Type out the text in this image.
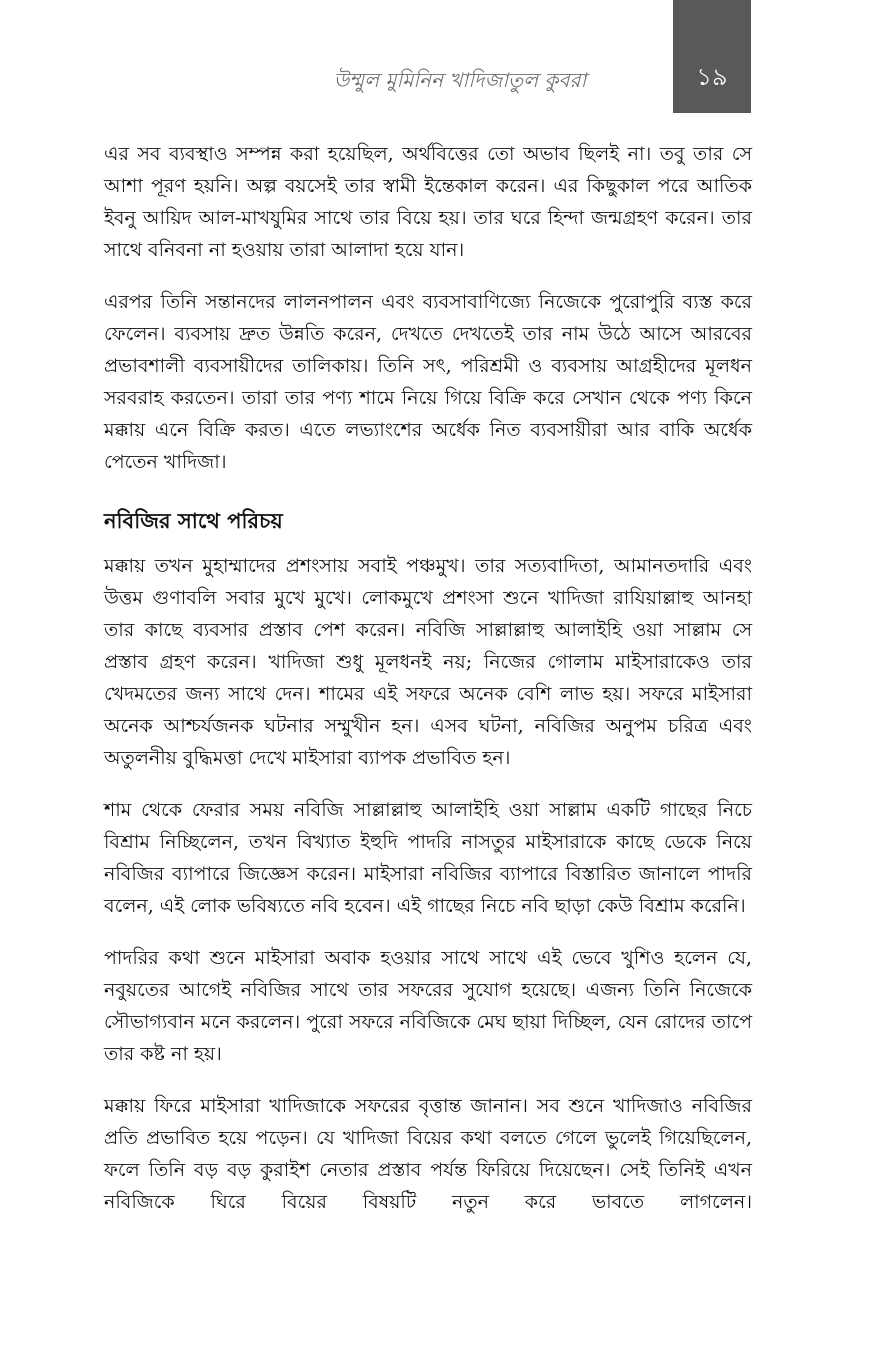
উম্মুল মুমিনিন খাদিজাতুল কুবরা	১৯

এর সব ব্যবস্থাও সম্পন্ন করা হয়েছিল, অর্থবিত্তের তো অভাব ছিলই না। তবু তার সে আশা পূরণ হয়নি। অল্প বয়সেই তার স্বামী ইন্তেকাল করেন। এর কিছুকাল পরে আতিক ইবনু আয়িদ আল-মাখযুমির সাথে তার বিয়ে হয়। তার ঘরে হিন্দা জন্মগ্রহণ করেন। তার সাথে বনিবনা না হওয়ায় তারা আলাদা হয়ে যান।

এরপর তিনি সন্তানদের লালনপালন এবং ব্যবসাবাণিজ্যে নিজেকে পুরোপুরি ব্যস্ত করে ফেলেন। ব্যবসায় দ্রুত উন্নতি করেন, দেখতে দেখতেই তার নাম উঠে আসে আরবের প্রভাবশালী ব্যবসায়ীদের তালিকায়। তিনি সৎ, পরিশ্রমী ও ব্যবসায় আগ্রহীদের মূলধন সরবরাহ করতেন। তারা তার পণ্য শামে নিয়ে গিয়ে বিক্রি করে সেখান থেকে পণ্য কিনে মক্কায় এনে বিক্রি করত। এতে লভ্যাংশের অর্ধেক নিত ব্যবসায়ীরা আর বাকি অর্ধেক পেতেন খাদিজা।

নবিজির সাথে পরিচয়

মক্কায় তখন মুহাম্মাদের প্রশংসায় সবাই পঞ্চমুখ। তার সত্যবাদিতা, আমানতদারি এবং উত্তম গুণাবলি সবার মুখে মুখে। লোকমুখে প্রশংসা শুনে খাদিজা রাযিয়াল্লাহু আনহা তার কাছে ব্যবসার প্রস্তাব পেশ করেন। নবিজি সাল্লাল্লাহু আলাইহি ওয়া সাল্লাম সে প্রস্তাব গ্রহণ করেন। খাদিজা শুধু মূলধনই নয়; নিজের গোলাম মাইসারাকেও তার খেদমতের জন্য সাথে দেন। শামের এই সফরে অনেক বেশি লাভ হয়। সফরে মাইসারা অনেক আশ্চর্যজনক ঘটনার সম্মুখীন হন। এসব ঘটনা, নবিজির অনুপম চরিত্র এবং অতুলনীয় বুদ্ধিমত্তা দেখে মাইসারা ব্যাপক প্রভাবিত হন।

শাম থেকে ফেরার সময় নবিজি সাল্লাল্লাহু আলাইহি ওয়া সাল্লাম একটি গাছের নিচে বিশ্রাম নিচ্ছিলেন, তখন বিখ্যাত ইহুদি পাদরি নাসতুর মাইসারাকে কাছে ডেকে নিয়ে নবিজির ব্যাপারে জিজ্ঞেস করেন। মাইসারা নবিজির ব্যাপারে বিস্তারিত জানালে পাদরি বলেন, এই লোক ভবিষ্যতে নবি হবেন। এই গাছের নিচে নবি ছাড়া কেউ বিশ্রাম করেনি।

পাদরির কথা শুনে মাইসারা অবাক হওয়ার সাথে সাথে এই ভেবে খুশিও হলেন যে, নবুয়তের আগেই নবিজির সাথে তার সফরের সুযোগ হয়েছে। এজন্য তিনি নিজেকে সৌভাগ্যবান মনে করলেন। পুরো সফরে নবিজিকে মেঘ ছায়া দিচ্ছিল, যেন রোদের তাপে তার কষ্ট না হয়।

মক্কায় ফিরে মাইসারা খাদিজাকে সফরের বৃত্তান্ত জানান। সব শুনে খাদিজাও নবিজির প্রতি প্রভাবিত হয়ে পড়েন। যে খাদিজা বিয়ের কথা বলতে গেলে ভুলেই গিয়েছিলেন, ফলে তিনি বড় বড় কুরাইশ নেতার প্রস্তাব পর্যন্ত ফিরিয়ে দিয়েছেন। সেই তিনিই এখন নবিজিকে ঘিরে বিয়ের বিষয়টি নতুন করে ভাবতে লাগলেন।
